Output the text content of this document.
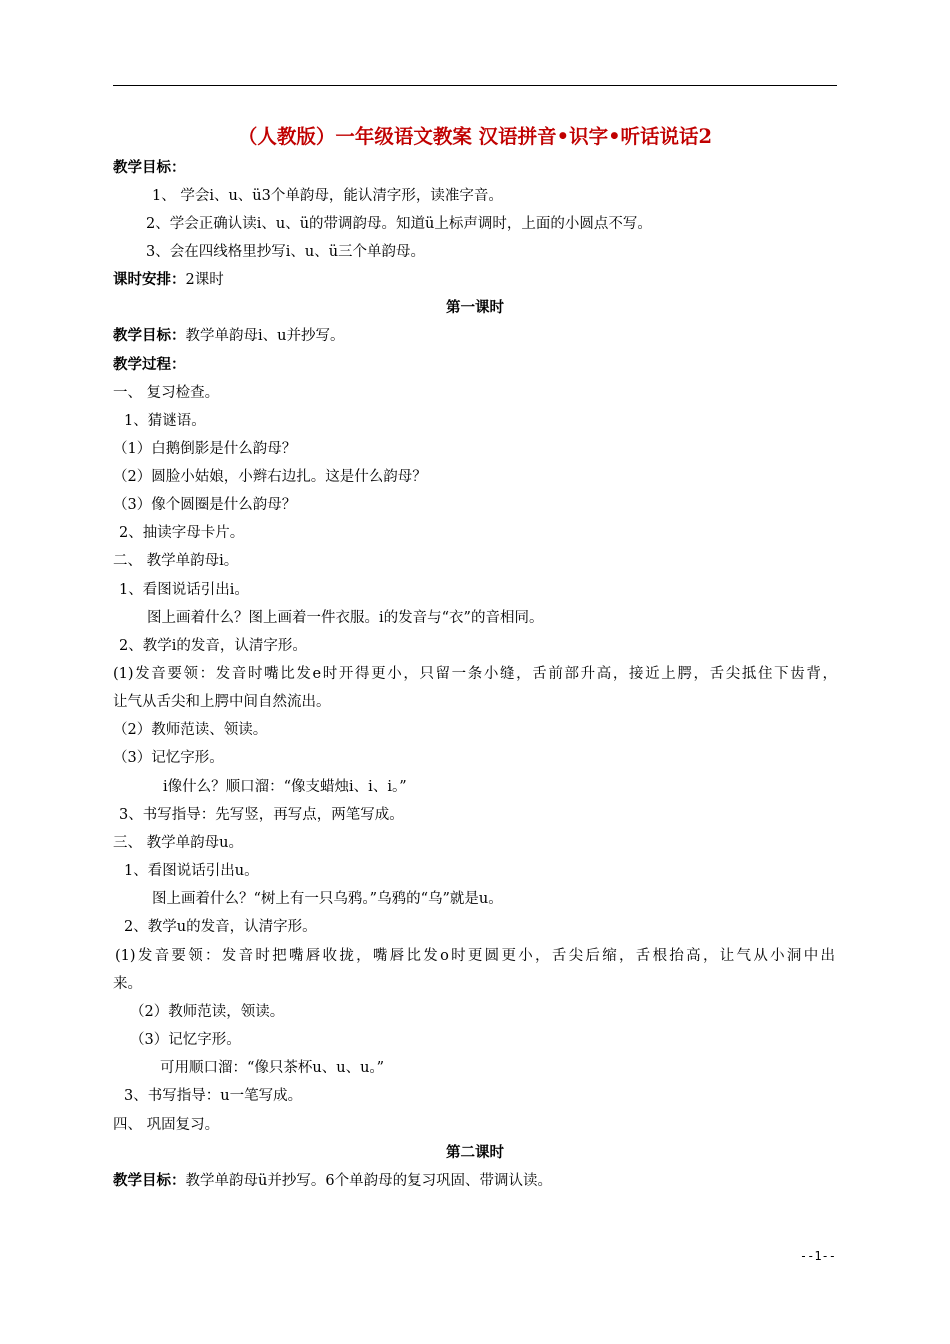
（人教版）一年级语文教案 汉语拼音•识字•听话说话2
教学目标：
1、 学会i、u、ü3个单韵母，能认清字形，读准字音。
2、学会正确认读i、u、ü的带调韵母。知道ü上标声调时，上面的小圆点不写。
3、会在四线格里抄写i、u、ü三个单韵母。
课时安排：2课时
第一课时
教学目标：教学单韵母i、u并抄写。
教学过程：
一、 复习检查。
1、猜谜语。
（1）白鹅倒影是什么韵母？
（2）圆脸小姑娘，小辫右边扎。这是什么韵母？
（3）像个圆圈是什么韵母？
2、抽读字母卡片。
二、 教学单韵母i。
1、看图说话引出i。
图上画着什么？图上画着一件衣服。i的发音与“衣”的音相同。
2、教学i的发音，认清字形。
(1)发音要领：发音时嘴比发e时开得更小，只留一条小缝，舌前部升高，接近上腭，舌尖抵住下齿背，
让气从舌尖和上腭中间自然流出。
（2）教师范读、领读。
（3）记忆字形。
i像什么？顺口溜：“像支蜡烛i、i、i。”
3、书写指导：先写竖，再写点，两笔写成。
三、 教学单韵母u。
1、看图说话引出u。
图上画着什么？“树上有一只乌鸦。”乌鸦的“乌”就是u。
2、教学u的发音，认清字形。
(1)发音要领：发音时把嘴唇收拢，嘴唇比发o时更圆更小，舌尖后缩，舌根抬高，让气从小洞中出
来。
（2）教师范读，领读。
（3）记忆字形。
可用顺口溜：“像只茶杯u、u、u。”
3、书写指导：u一笔写成。
四、 巩固复习。
第二课时
教学目标：教学单韵母ü并抄写。6个单韵母的复习巩固、带调认读。
--1--
